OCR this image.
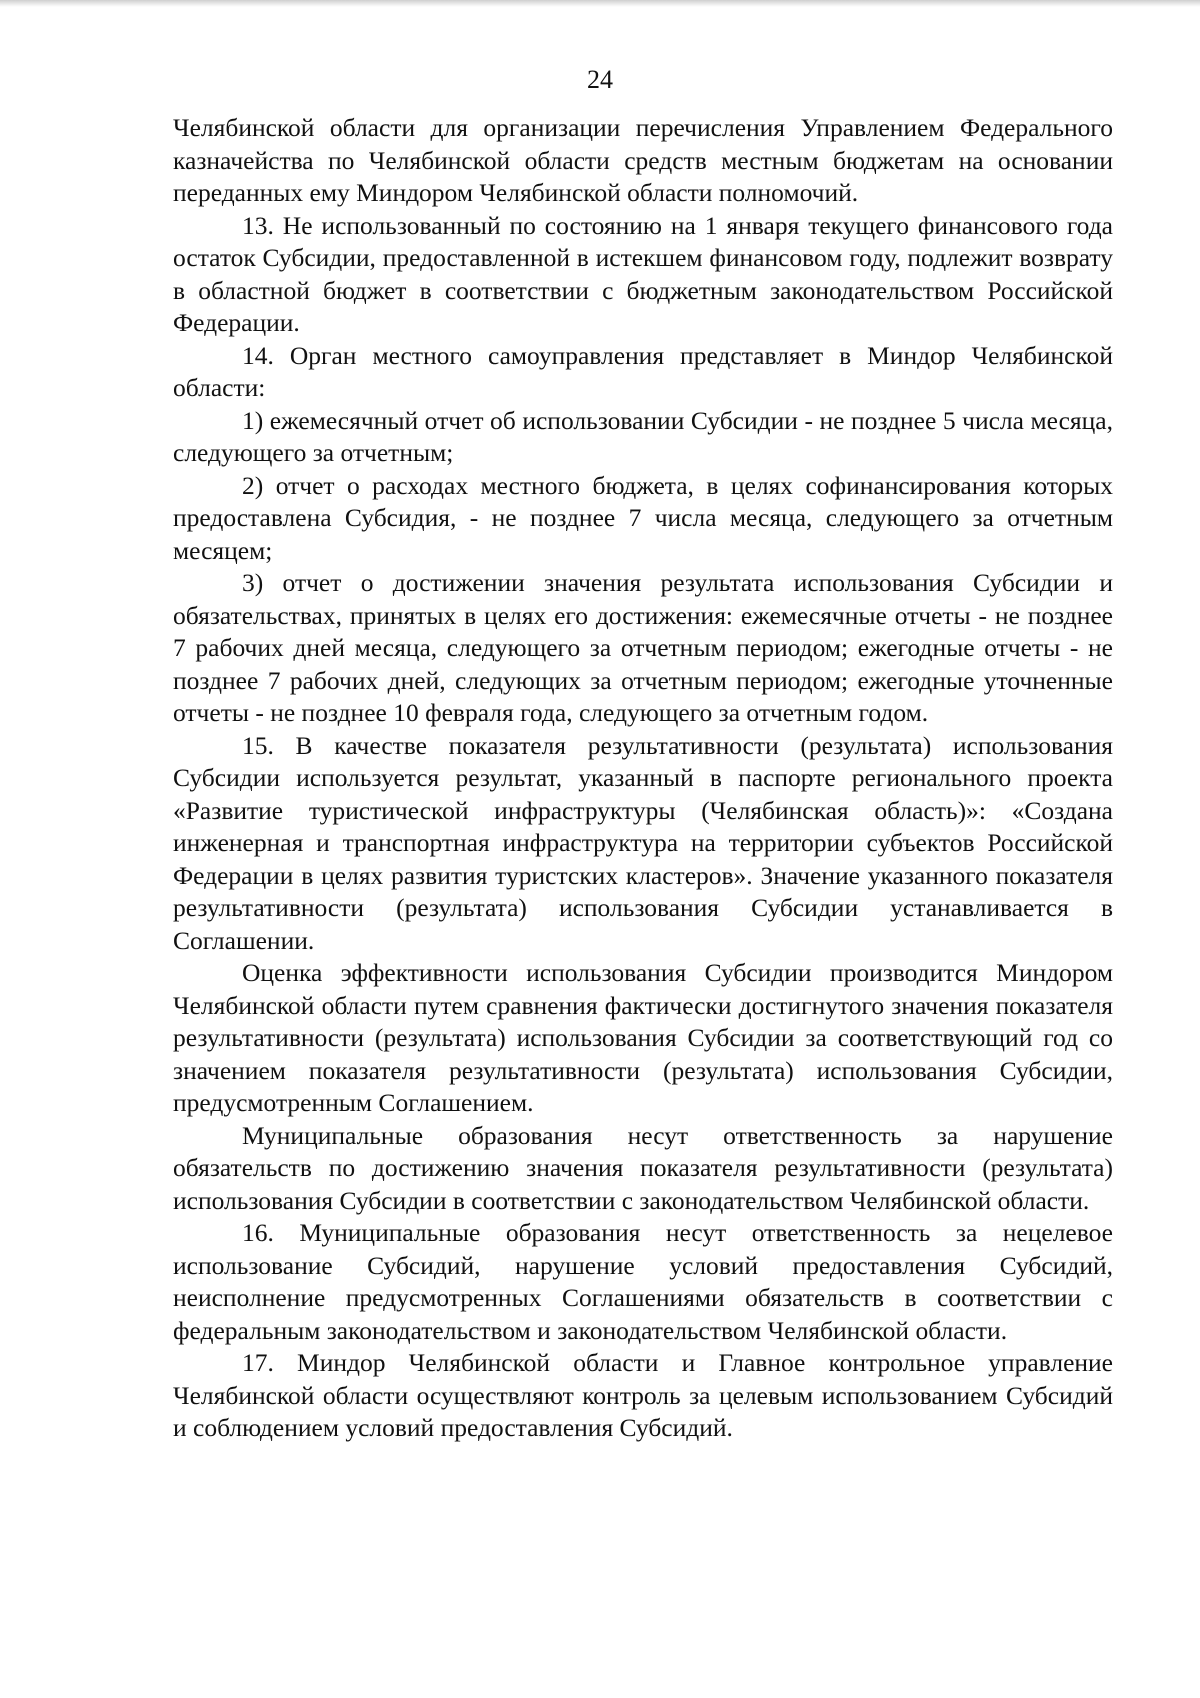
24

Челябинской области для организации перечисления Управлением Федерального казначейства по Челябинской области средств местным бюджетам на основании переданных ему Миндором Челябинской области полномочий.

13. Не использованный по состоянию на 1 января текущего финансового года остаток Субсидии, предоставленной в истекшем финансовом году, подлежит возврату в областной бюджет в соответствии с бюджетным законодательством Российской Федерации.

14. Орган местного самоуправления представляет в Миндор Челябинской области:

1) ежемесячный отчет об использовании Субсидии - не позднее 5 числа месяца, следующего за отчетным;

2) отчет о расходах местного бюджета, в целях софинансирования которых предоставлена Субсидия, - не позднее 7 числа месяца, следующего за отчетным месяцем;

3) отчет о достижении значения результата использования Субсидии и обязательствах, принятых в целях его достижения: ежемесячные отчеты - не позднее 7 рабочих дней месяца, следующего за отчетным периодом; ежегодные отчеты - не позднее 7 рабочих дней, следующих за отчетным периодом; ежегодные уточненные отчеты - не позднее 10 февраля года, следующего за отчетным годом.

15. В качестве показателя результативности (результата) использования Субсидии используется результат, указанный в паспорте регионального проекта «Развитие туристической инфраструктуры (Челябинская область)»: «Создана инженерная и транспортная инфраструктура на территории субъектов Российской Федерации в целях развития туристских кластеров». Значение указанного показателя результативности (результата) использования Субсидии устанавливается в Соглашении.

Оценка эффективности использования Субсидии производится Миндором Челябинской области путем сравнения фактически достигнутого значения показателя результативности (результата) использования Субсидии за соответствующий год со значением показателя результативности (результата) использования Субсидии, предусмотренным Соглашением.

Муниципальные образования несут ответственность за нарушение обязательств по достижению значения показателя результативности (результата) использования Субсидии в соответствии с законодательством Челябинской области.

16. Муниципальные образования несут ответственность за нецелевое использование Субсидий, нарушение условий предоставления Субсидий, неисполнение предусмотренных Соглашениями обязательств в соответствии с федеральным законодательством и законодательством Челябинской области.

17. Миндор Челябинской области и Главное контрольное управление Челябинской области осуществляют контроль за целевым использованием Субсидий и соблюдением условий предоставления Субсидий.
